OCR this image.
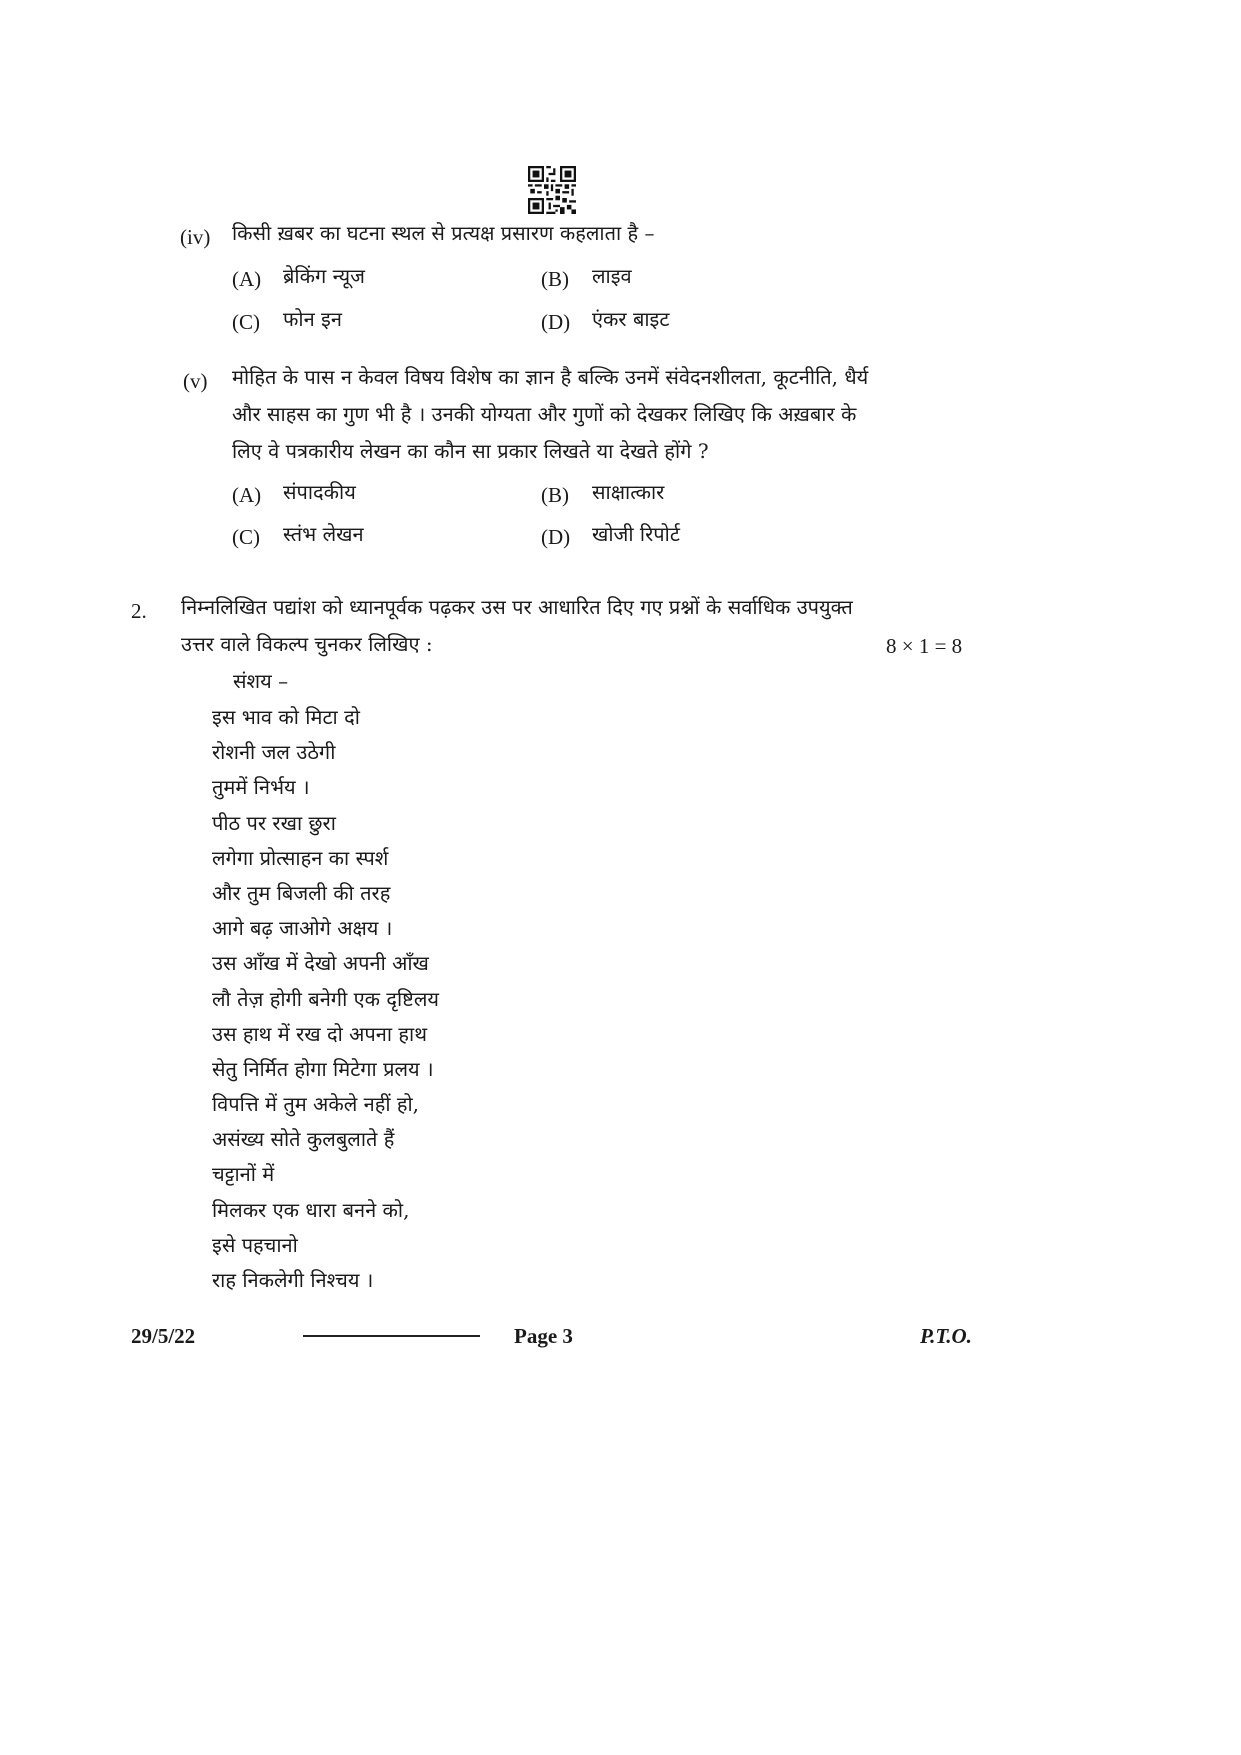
(iv) किसी ख़बर का घटना स्थल से प्रत्यक्ष प्रसारण कहलाता है –
(A) ब्रेकिंग न्यूज	(B) लाइव
(C) फोन इन	(D) एंकर बाइट
(v) मोहित के पास न केवल विषय विशेष का ज्ञान है बल्कि उनमें संवेदनशीलता, कूटनीति, धैर्य
और साहस का गुण भी है । उनकी योग्यता और गुणों को देखकर लिखिए कि अख़बार के
लिए वे पत्रकारीय लेखन का कौन सा प्रकार लिखते या देखते होंगे ?
(A) संपादकीय	(B) साक्षात्कार
(C) स्तंभ लेखन	(D) खोजी रिपोर्ट
2. निम्नलिखित पद्यांश को ध्यानपूर्वक पढ़कर उस पर आधारित दिए गए प्रश्नों के सर्वाधिक उपयुक्त
उत्तर वाले विकल्प चुनकर लिखिए :	8 × 1 = 8
संशय –
इस भाव को मिटा दो
रोशनी जल उठेगी
तुममें निर्भय ।
पीठ पर रखा छुरा
लगेगा प्रोत्साहन का स्पर्श
और तुम बिजली की तरह
आगे बढ़ जाओगे अक्षय ।
उस आँख में देखो अपनी आँख
लौ तेज़ होगी बनेगी एक दृष्टिलय
उस हाथ में रख दो अपना हाथ
सेतु निर्मित होगा मिटेगा प्रलय ।
विपत्ति में तुम अकेले नहीं हो,
असंख्य सोते कुलबुलाते हैं
चट्टानों में
मिलकर एक धारा बनने को,
इसे पहचानो
राह निकलेगी निश्चय ।
29/5/22	Page 3	P.T.O.
